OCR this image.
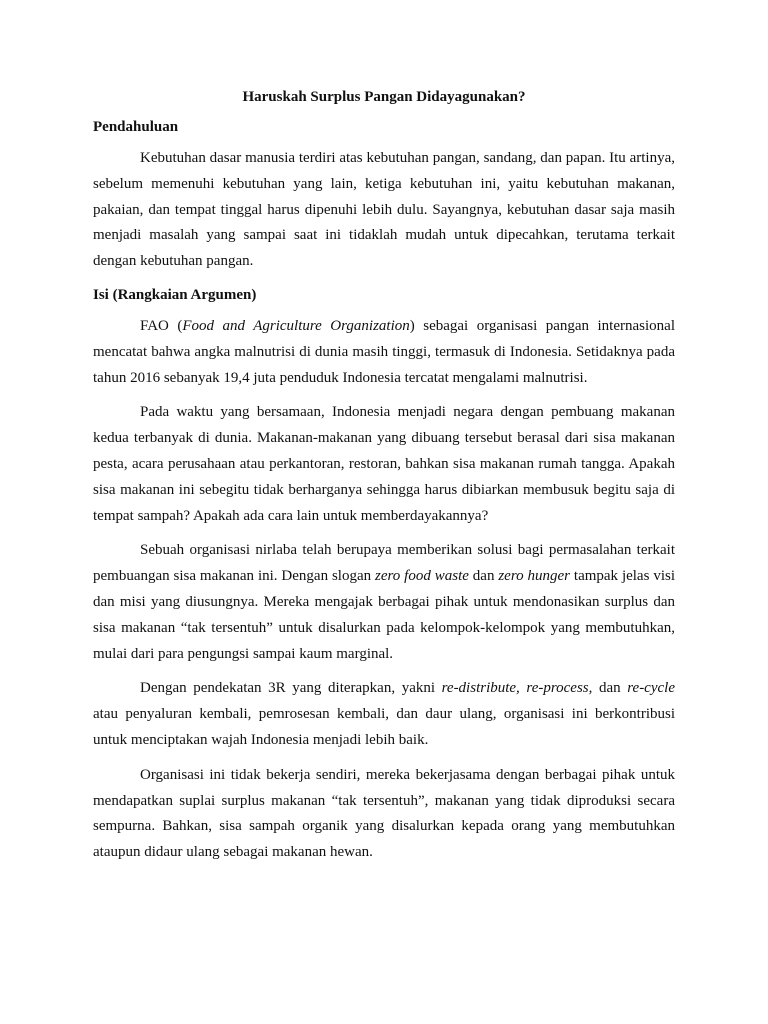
Haruskah Surplus Pangan Didayagunakan?
Pendahuluan

Kebutuhan dasar manusia terdiri atas kebutuhan pangan, sandang, dan papan. Itu artinya, sebelum memenuhi kebutuhan yang lain, ketiga kebutuhan ini, yaitu kebutuhan makanan, pakaian, dan tempat tinggal harus dipenuhi lebih dulu. Sayangnya, kebutuhan dasar saja masih menjadi masalah yang sampai saat ini tidaklah mudah untuk dipecahkan, terutama terkait dengan kebutuhan pangan.

Isi (Rangkaian Argumen)

FAO (Food and Agriculture Organization) sebagai organisasi pangan internasional mencatat bahwa angka malnutrisi di dunia masih tinggi, termasuk di Indonesia. Setidaknya pada tahun 2016 sebanyak 19,4 juta penduduk Indonesia tercatat mengalami malnutrisi.

Pada waktu yang bersamaan, Indonesia menjadi negara dengan pembuang makanan kedua terbanyak di dunia. Makanan-makanan yang dibuang tersebut berasal dari sisa makanan pesta, acara perusahaan atau perkantoran, restoran, bahkan sisa makanan rumah tangga. Apakah sisa makanan ini sebegitu tidak berharganya sehingga harus dibiarkan membusuk begitu saja di tempat sampah? Apakah ada cara lain untuk memberdayakannya?

Sebuah organisasi nirlaba telah berupaya memberikan solusi bagi permasalahan terkait pembuangan sisa makanan ini. Dengan slogan zero food waste dan zero hunger tampak jelas visi dan misi yang diusungnya. Mereka mengajak berbagai pihak untuk mendonasikan surplus dan sisa makanan “tak tersentuh” untuk disalurkan pada kelompok-kelompok yang membutuhkan, mulai dari para pengungsi sampai kaum marginal.

Dengan pendekatan 3R yang diterapkan, yakni re-distribute, re-process, dan re-cycle atau penyaluran kembali, pemrosesan kembali, dan daur ulang, organisasi ini berkontribusi untuk menciptakan wajah Indonesia menjadi lebih baik.

Organisasi ini tidak bekerja sendiri, mereka bekerjasama dengan berbagai pihak untuk mendapatkan suplai surplus makanan “tak tersentuh”, makanan yang tidak diproduksi secara sempurna. Bahkan, sisa sampah organik yang disalurkan kepada orang yang membutuhkan ataupun didaur ulang sebagai makanan hewan.
